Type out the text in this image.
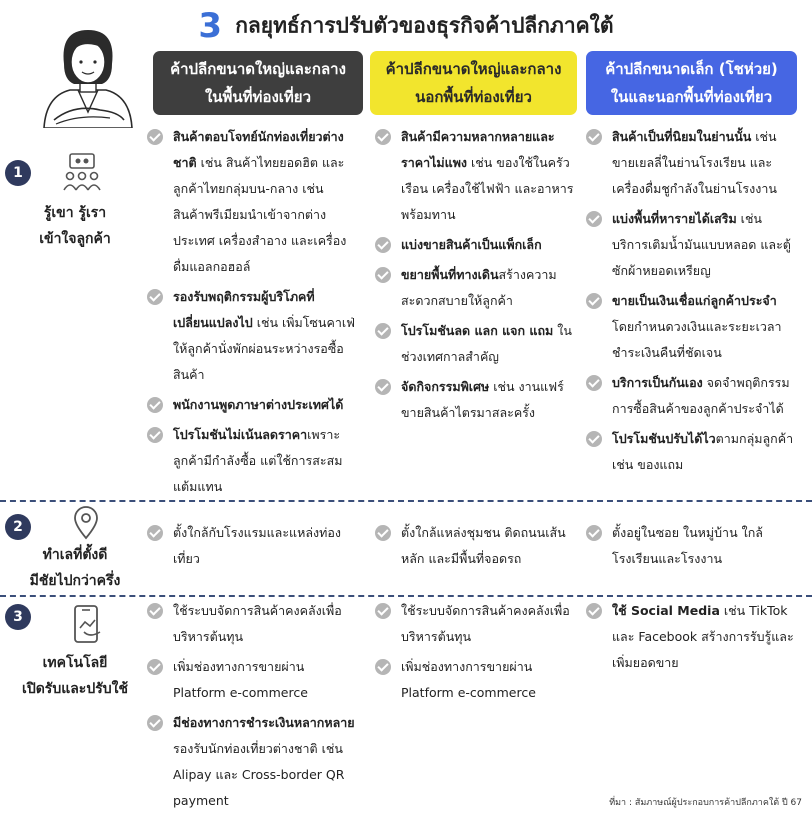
3 กลยุทธ์การปรับตัวของธุรกิจค้าปลีกภาคใต้
ค้าปลีกขนาดใหญ่และกลาง
ในพื้นที่ท่องเที่ยว
ค้าปลีกขนาดใหญ่และกลาง
นอกพื้นที่ท่องเที่ยว
ค้าปลีกขนาดเล็ก (โชห่วย)
ในและนอกพื้นที่ท่องเที่ยว
1
รู้เขา รู้เรา
เข้าใจลูกค้า
สินค้าตอบโจทย์นักท่องเที่ยวต่างชาติ เช่น สินค้าไทยยอดฮิต และลูกค้าไทยกลุ่มบน-กลาง เช่น สินค้าพรีเมียมนำเข้าจากต่างประเทศ เครื่องสำอาง และเครื่องดื่มแอลกอฮอล์
รองรับพฤติกรรมผู้บริโภคที่เปลี่ยนแปลงไป เช่น เพิ่มโซนคาเฟ่ให้ลูกค้านั่งพักผ่อนระหว่างรอซื้อสินค้า
พนักงานพูดภาษาต่างประเทศได้
โปรโมชันไม่เน้นลดราคาเพราะลูกค้ามีกำลังซื้อ แต่ใช้การสะสมแต้มแทน
สินค้ามีความหลากหลายและราคาไม่แพง เช่น ของใช้ในครัวเรือน เครื่องใช้ไฟฟ้า และอาหารพร้อมทาน
แบ่งขายสินค้าเป็นแพ็กเล็ก
ขยายพื้นที่ทางเดินสร้างความสะดวกสบายให้ลูกค้า
โปรโมชันลด แลก แจก แถม ในช่วงเทศกาลสำคัญ
จัดกิจกรรมพิเศษ เช่น งานแฟร์ขายสินค้าไตรมาสละครั้ง
สินค้าเป็นที่นิยมในย่านนั้น เช่น ขายเยลลี่ในย่านโรงเรียน และเครื่องดื่มชูกำลังในย่านโรงงาน
แบ่งพื้นที่หารายได้เสริม เช่น บริการเติมน้ำมันแบบหลอด และตู้ซักผ้าหยอดเหรียญ
ขายเป็นเงินเชื่อแก่ลูกค้าประจำ โดยกำหนดวงเงินและระยะเวลาชำระเงินคืนที่ชัดเจน
บริการเป็นกันเอง จดจำพฤติกรรมการซื้อสินค้าของลูกค้าประจำได้
โปรโมชันปรับได้ไวตามกลุ่มลูกค้า เช่น ของแถม
2
ทำเลที่ตั้งดี
มีชัยไปกว่าครึ่ง
ตั้งใกล้กับโรงแรมและแหล่งท่องเที่ยว
ตั้งใกล้แหล่งชุมชน ติดถนนเส้นหลัก และมีพื้นที่จอดรถ
ตั้งอยู่ในซอย ในหมู่บ้าน ใกล้โรงเรียนและโรงงาน
3
เทคโนโลยี
เปิดรับและปรับใช้
ใช้ระบบจัดการสินค้าคงคลังเพื่อบริหารต้นทุน
เพิ่มช่องทางการขายผ่าน Platform e-commerce
มีช่องทางการชำระเงินหลากหลายรองรับนักท่องเที่ยวต่างชาติ เช่น Alipay และ Cross-border QR payment
ใช้ระบบจัดการสินค้าคงคลังเพื่อบริหารต้นทุน
เพิ่มช่องทางการขายผ่าน Platform e-commerce
ใช้ Social Media เช่น TikTok และ Facebook สร้างการรับรู้และเพิ่มยอดขาย
ที่มา : สัมภาษณ์ผู้ประกอบการค้าปลีกภาคใต้ ปี 67
